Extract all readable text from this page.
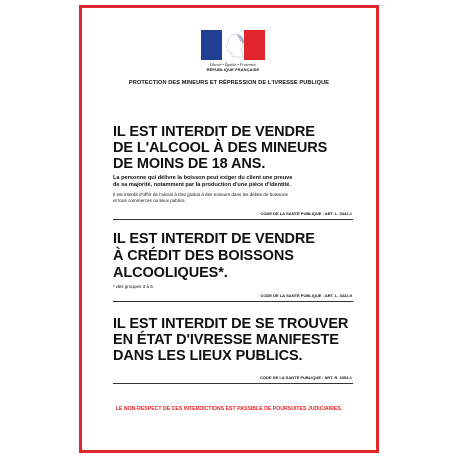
Liberté • Égalité • Fraternité
RÉPUBLIQUE FRANÇAISE
PROTECTION DES MINEURS ET RÉPRESSION DE L'IVRESSE PUBLIQUE
IL EST INTERDIT DE VENDRE
DE L'ALCOOL À DES MINEURS
DE MOINS DE 18 ANS.
La personne qui délivre la boisson peut exiger du client une preuve
de sa majorité, notamment par la production d'une pièce d'identité.
Il est interdit d'offrir de l'alcool à titre gratuit à des mineurs dans les débits de boissons
et tous commerces ou lieux publics.
CODE DE LA SANTÉ PUBLIQUE : ART. L. 3342-1
IL EST INTERDIT DE VENDRE
À CRÉDIT DES BOISSONS
ALCOOLIQUES*.
* des groupes 3 à 5.
CODE DE LA SANTÉ PUBLIQUE : ART. L. 3322-9
IL EST INTERDIT DE SE TROUVER
EN ÉTAT D'IVRESSE MANIFESTE
DANS LES LIEUX PUBLICS.
CODE DE LA SANTÉ PUBLIQUE : ART. R. 3353-1
LE NON-RESPECT DE CES INTERDICTIONS EST PASSIBLE DE POURSUITES JUDICIAIRES.
